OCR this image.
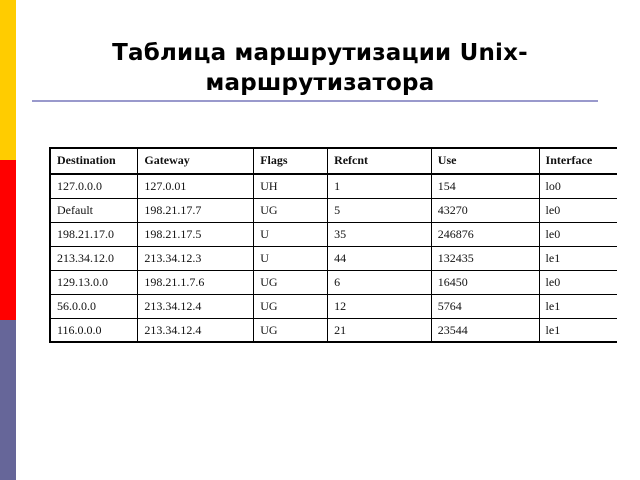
Таблица маршрутизации Unix-маршрутизатора
Destination	Gateway	Flags	Refcnt	Use	Interface
127.0.0.0	127.0.01	UH	1	154	lo0
Default	198.21.17.7	UG	5	43270	le0
198.21.17.0	198.21.17.5	U	35	246876	le0
213.34.12.0	213.34.12.3	U	44	132435	le1
129.13.0.0	198.21.1.7.6	UG	6	16450	le0
56.0.0.0	213.34.12.4	UG	12	5764	le1
116.0.0.0	213.34.12.4	UG	21	23544	le1
